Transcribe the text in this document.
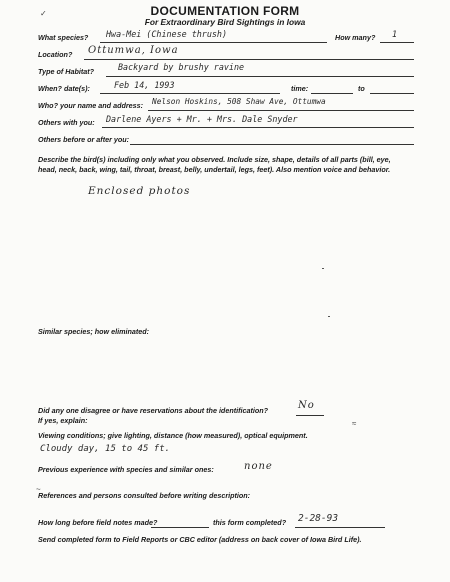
DOCUMENTATION FORM
For Extraordinary Bird Sightings in Iowa
✓
What species? Hwa-Mei (Chinese thrush)	How many? 1
Location? Ottumwa, Iowa
Type of Habitat?	Backyard by brushy ravine
When? date(s):	Feb 14, 1993	time:	to
Who? your name and address: Nelson Hoskins, 508 Shaw Ave, Ottumwa
Others with you: Darlene Ayers + Mr. + Mrs. Dale Snyder
Others before or after you:
Describe the bird(s) including only what you observed. Include size, shape, details of all parts (bill, eye,
head, neck, back, wing, tail, throat, breast, belly, undertail, legs, feet). Also mention voice and behavior.
Enclosed photos
Similar species; how eliminated:
Did any one disagree or have reservations about the identification?	No
If yes, explain:	≈
Viewing conditions; give lighting, distance (how measured), optical equipment.
Cloudy day, 15 to 45 ft.
Previous experience with species and similar ones:	none
~
References and persons consulted before writing description:
How long before field notes made?	this form completed? 2-28-93
Send completed form to Field Reports or CBC editor (address on back cover of Iowa Bird Life).
